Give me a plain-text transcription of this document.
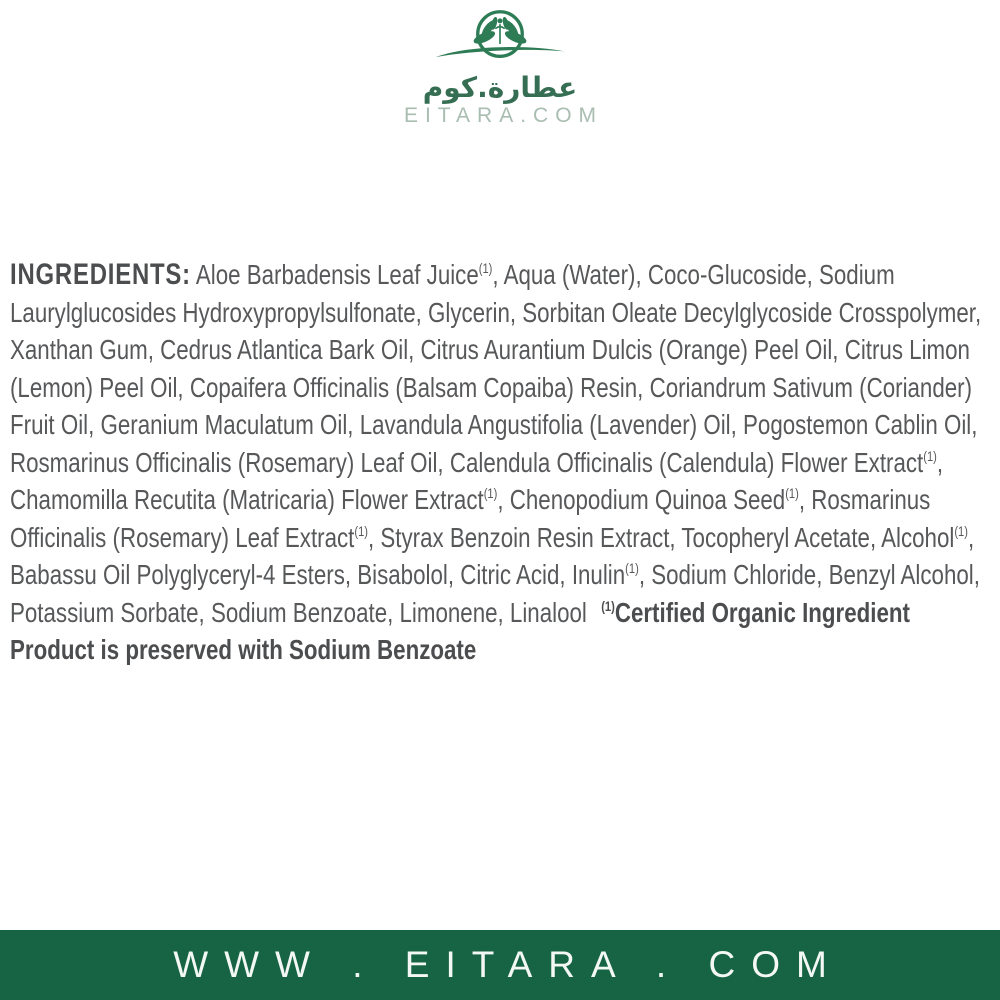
عطارة.كوم
EITARA.COM
INGREDIENTS: Aloe Barbadensis Leaf Juice$^{(1)}$, Aqua (Water), Coco-Glucoside, Sodium Laurylglucosides Hydroxypropylsulfonate, Glycerin, Sorbitan Oleate Decylglycoside Crosspolymer, Xanthan Gum, Cedrus Atlantica Bark Oil, Citrus Aurantium Dulcis (Orange) Peel Oil, Citrus Limon (Lemon) Peel Oil, Copaifera Officinalis (Balsam Copaiba) Resin, Coriandrum Sativum (Coriander) Fruit Oil, Geranium Maculatum Oil, Lavandula Angustifolia (Lavender) Oil, Pogostemon Cablin Oil, Rosmarinus Officinalis (Rosemary) Leaf Oil, Calendula Officinalis (Calendula) Flower Extract$^{(1)}$, Chamomilla Recutita (Matricaria) Flower Extract$^{(1)}$, Chenopodium Quinoa Seed$^{(1)}$, Rosmarinus Officinalis (Rosemary) Leaf Extract$^{(1)}$, Styrax Benzoin Resin Extract, Tocopheryl Acetate, Alcohol$^{(1)}$, Babassu Oil Polyglyceryl-4 Esters, Bisabolol, Citric Acid, Inulin$^{(1)}$, Sodium Chloride, Benzyl Alcohol, Potassium Sorbate, Sodium Benzoate, Limonene, Linalool $^{(1)}$Certified Organic Ingredient
Product is preserved with Sodium Benzoate
WWW . EITARA . COM
